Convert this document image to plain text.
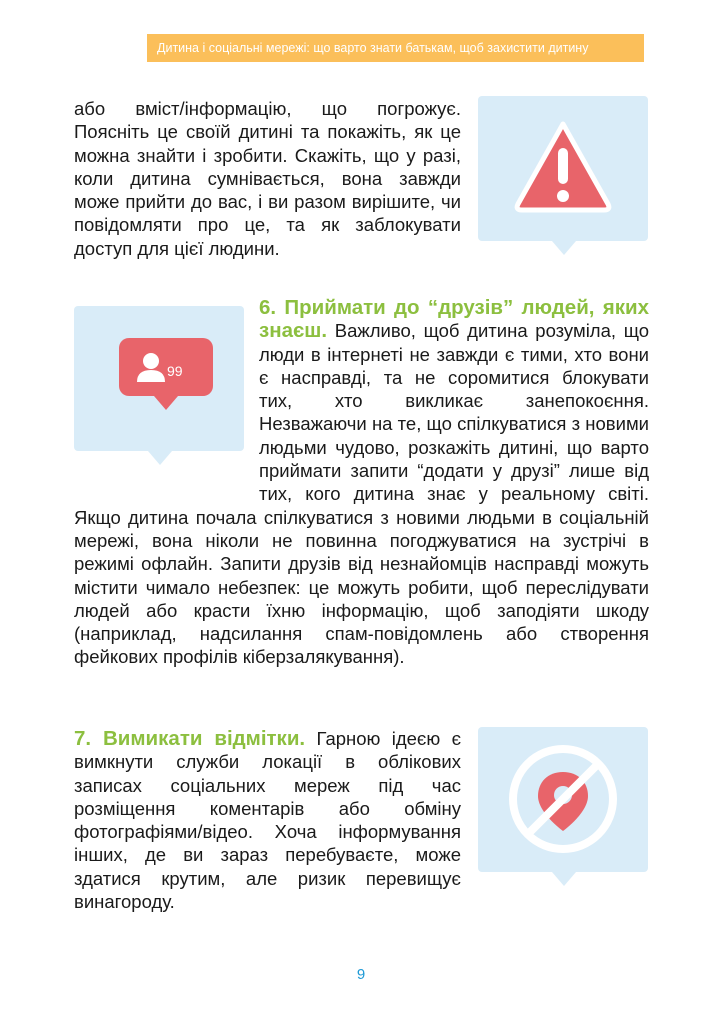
Дитина і соціальні мережі: що варто знати батькам, щоб захистити дитину

або вміст/інформацію, що погрожує. Поясніть це своїй дитині та покажіть, як це можна знайти і зробити. Скажіть, що у разі, коли дитина сумнівається, вона завжди може прийти до вас, і ви разом вирішите, чи повідомляти про це, та як заблокувати доступ для цієї людини.

99

6. Приймати до “друзів” людей, яких знаєш. Важливо, щоб дитина розуміла, що люди в інтернеті не завжди є тими, хто вони є насправді, та не соромитися блокувати тих, хто викликає занепокоєння. Незважаючи на те, що спілкуватися з новими людьми чудово, розкажіть дитині, що варто приймати запити “додати у друзі” лише від тих, кого дитина знає у реальному світі. Якщо дитина почала спілкуватися з новими людьми в соціальній мережі, вона ніколи не повинна погоджуватися на зустрічі в режимі офлайн. Запити друзів від незнайомців насправді можуть містити чимало небезпек: це можуть робити, щоб переслідувати людей або красти їхню інформацію, щоб заподіяти шкоду (наприклад, надсилання спам-повідомлень або створення фейкових профілів кіберзалякування).

7. Вимикати відмітки. Гарною ідеєю є вимкнути служби локації в облікових записах соціальних мереж під час розміщення коментарів або обміну фотографіями/відео. Хоча інформування інших, де ви зараз перебуваєте, може здатися крутим, але ризик перевищує винагороду.

9
